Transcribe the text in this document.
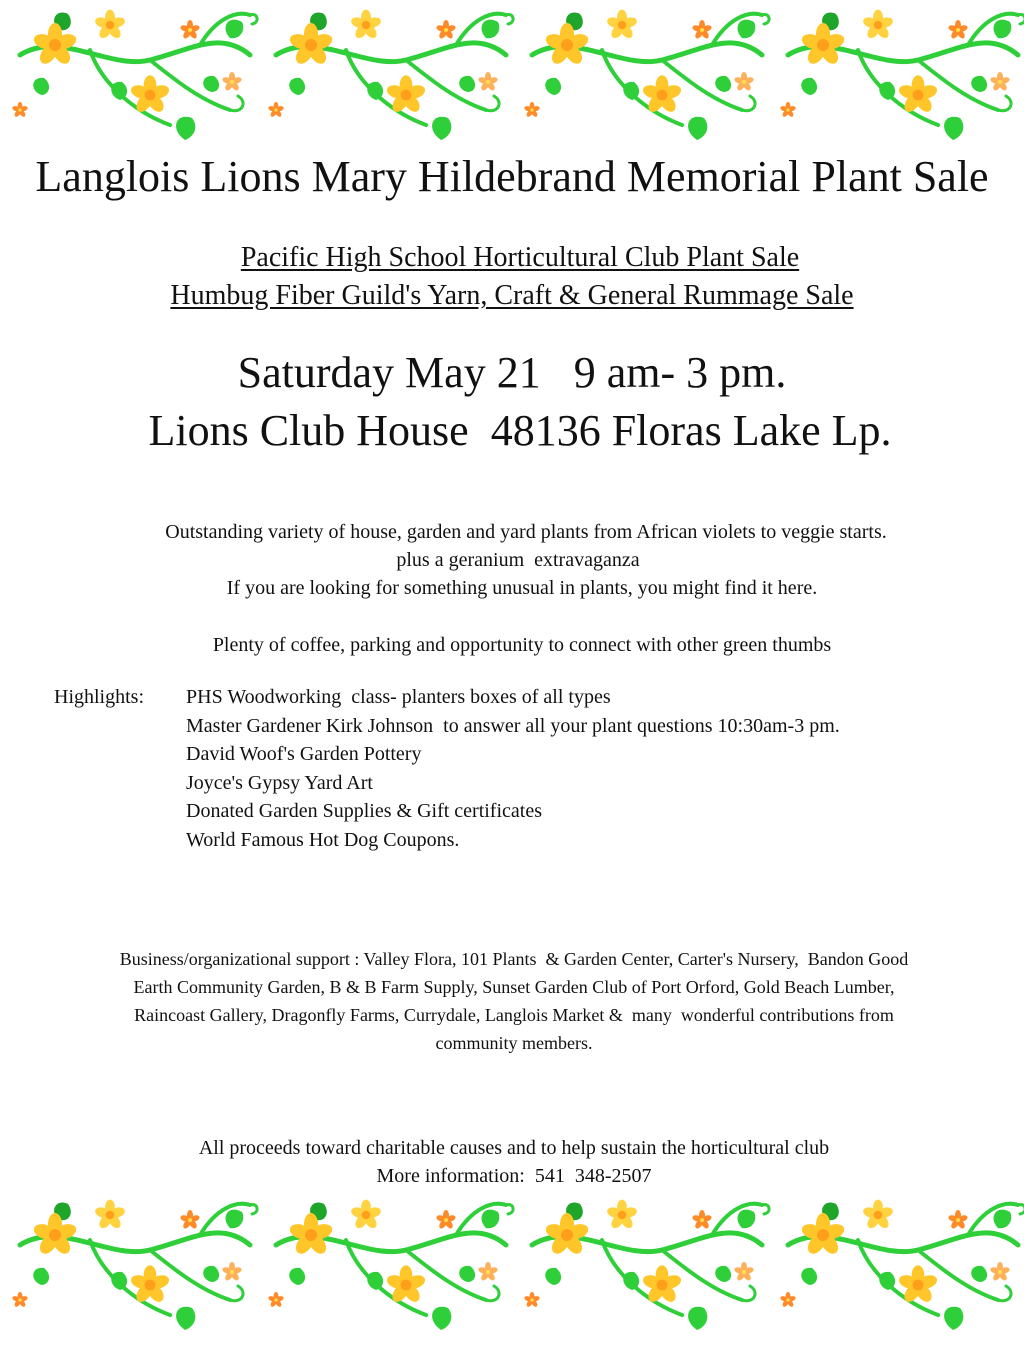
Langlois Lions Mary Hildebrand Memorial Plant Sale
Pacific High School Horticultural Club Plant Sale
Humbug Fiber Guild's Yarn, Craft & General Rummage Sale
Saturday May 21   9 am- 3 pm.
Lions Club House  48136 Floras Lake Lp.
Outstanding variety of house, garden and yard plants from African violets to veggie starts.
plus a geranium  extravaganza
If you are looking for something unusual in plants, you might find it here.
Plenty of coffee, parking and opportunity to connect with other green thumbs
Highlights: PHS Woodworking  class- planters boxes of all types
Master Gardener Kirk Johnson  to answer all your plant questions 10:30am-3 pm.
David Woof's Garden Pottery
Joyce's Gypsy Yard Art
Donated Garden Supplies & Gift certificates
World Famous Hot Dog Coupons.
Business/organizational support : Valley Flora, 101 Plants  & Garden Center, Carter's Nursery,  Bandon Good
Earth Community Garden, B & B Farm Supply, Sunset Garden Club of Port Orford, Gold Beach Lumber,
Raincoast Gallery, Dragonfly Farms, Currydale, Langlois Market &  many  wonderful contributions from
community members.
All proceeds toward charitable causes and to help sustain the horticultural club
More information:  541  348-2507
